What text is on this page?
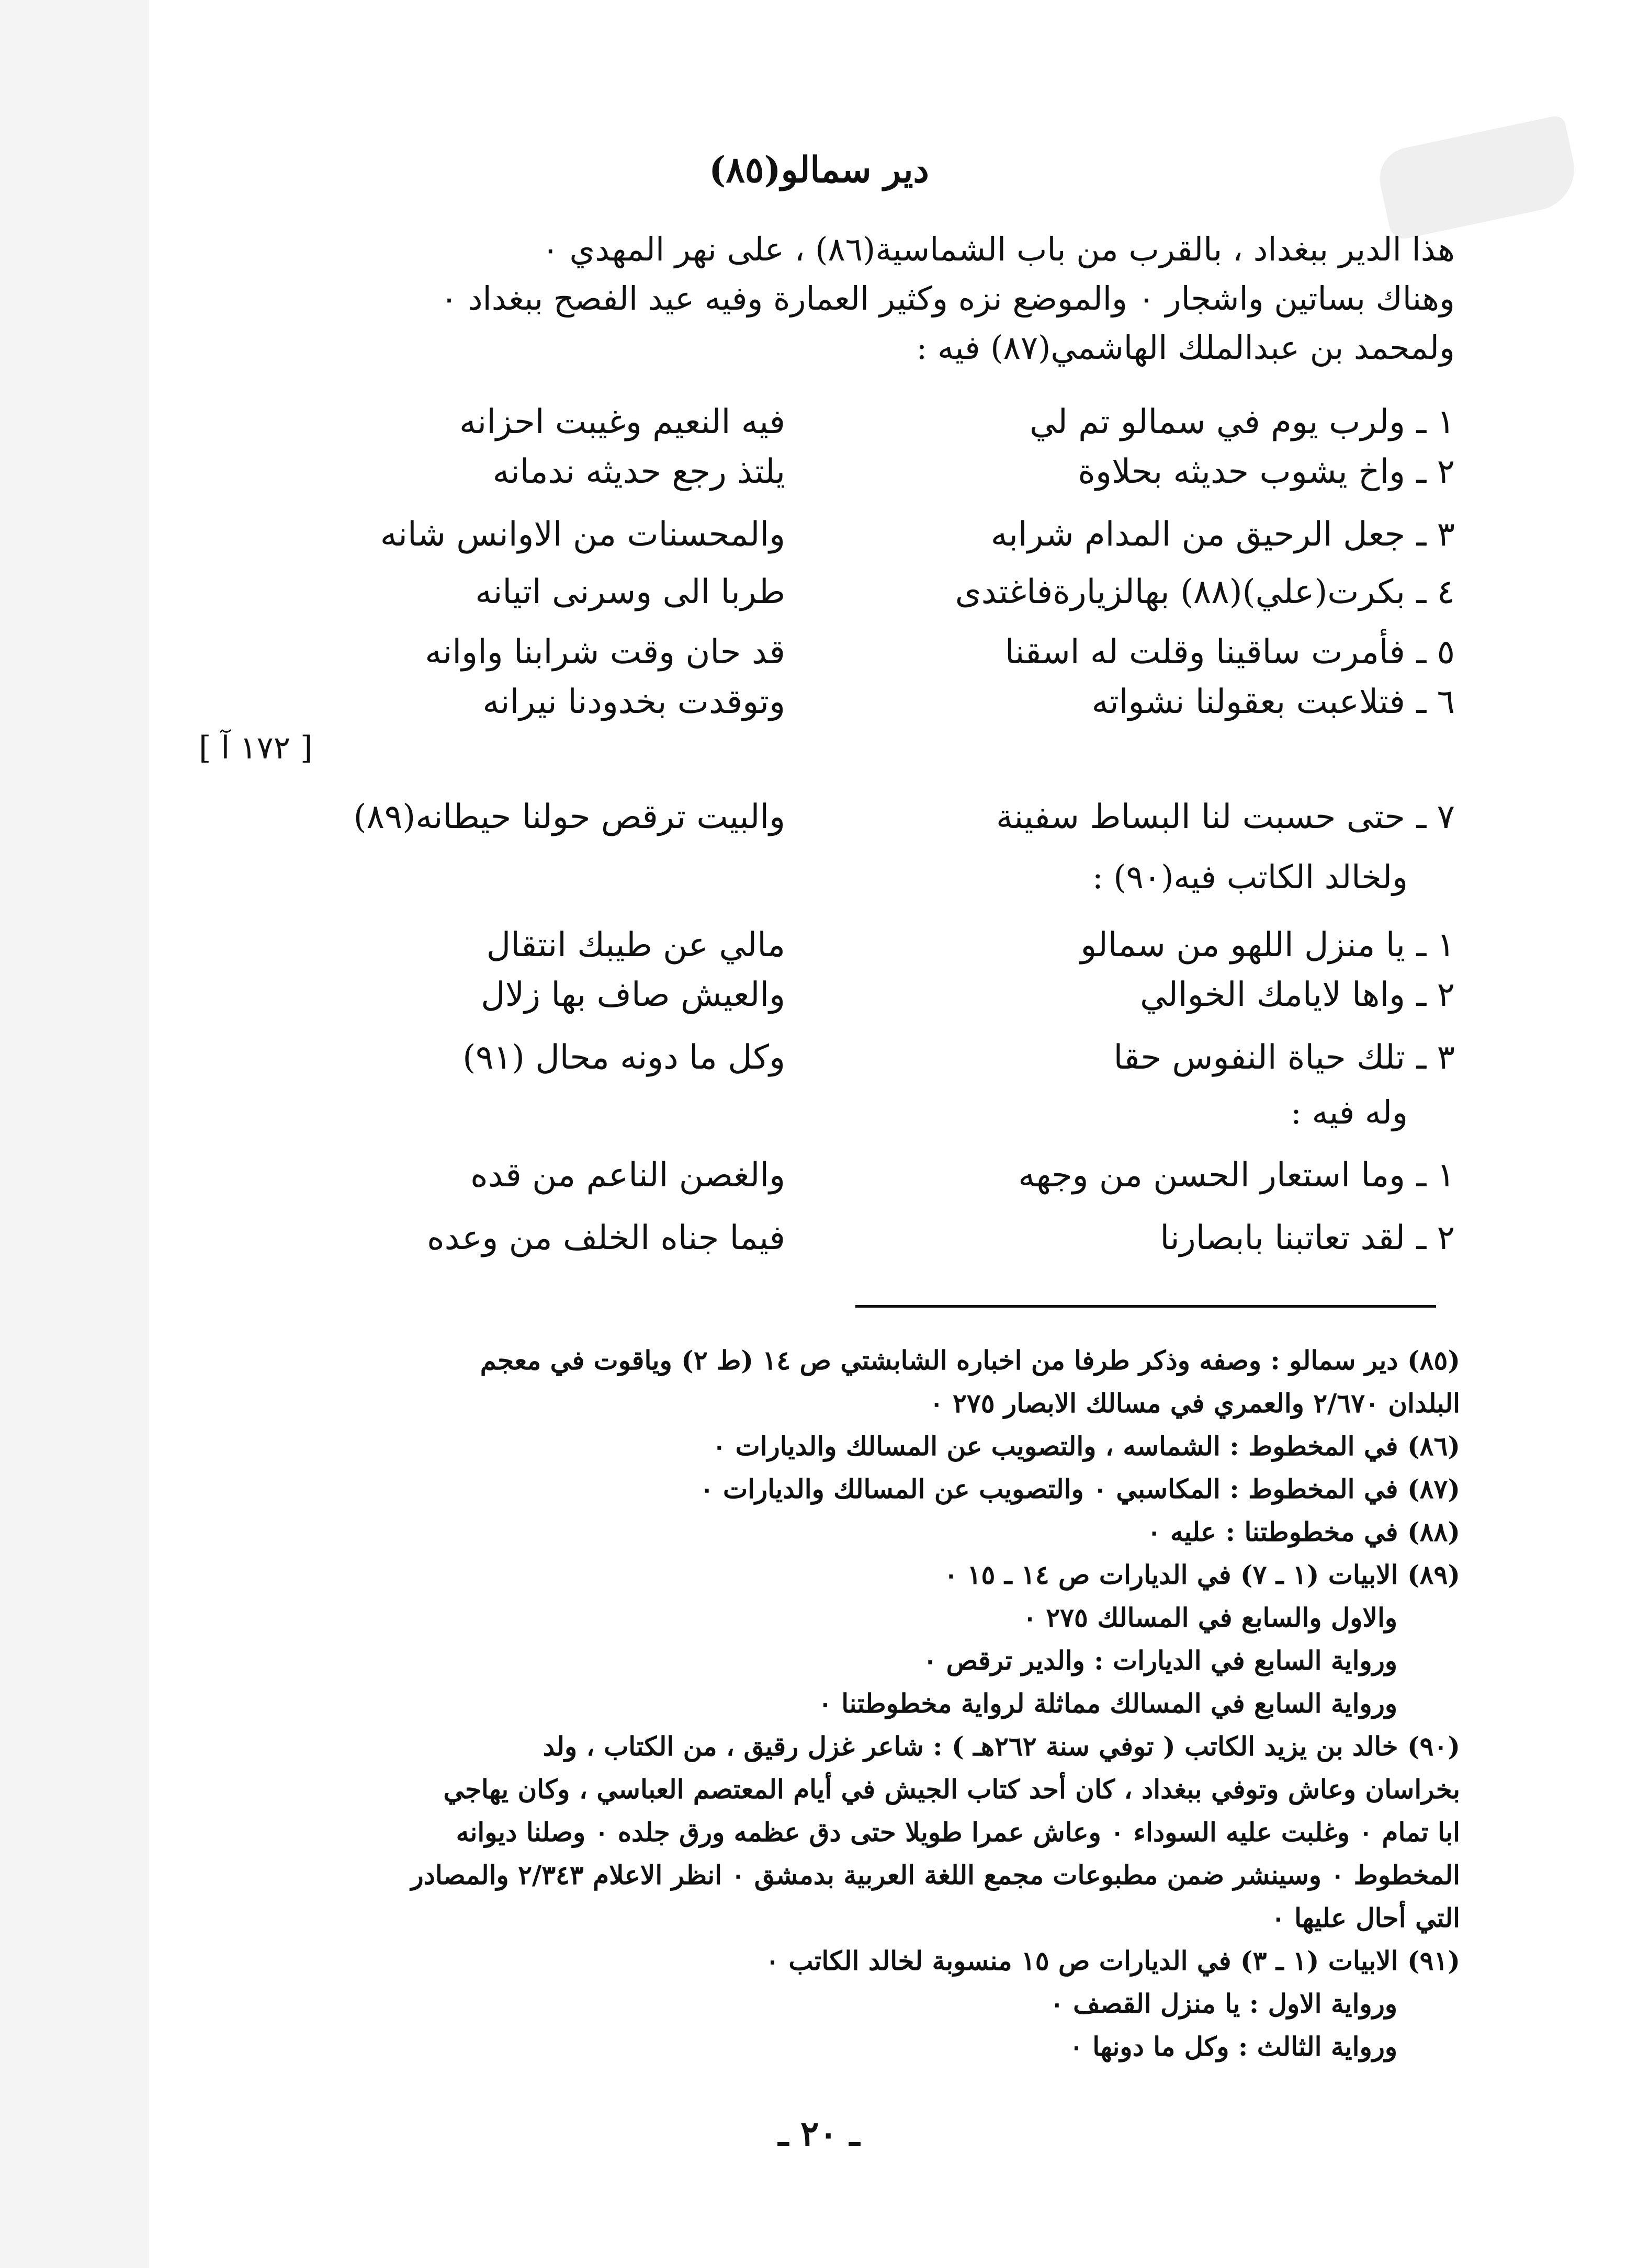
دير سمالو(٨٥)

هذا الدير ببغداد ، بالقرب من باب الشماسية(٨٦) ، على نهر المهدي ٠
وهناك بساتين واشجار ٠ والموضع نزه وكثير العمارة وفيه عيد الفصح ببغداد ٠
ولمحمد بن عبدالملك الهاشمي(٨٧) فيه :

١ ـ
ولرب يوم في سمالو تم لي
فيه النعيم وغيبت احزانه
٢ ـ
واخ يشوب حديثه بحلاوة
يلتذ رجع حديثه ندمانه
٣ ـ
جعل الرحيق من المدام شرابه
والمحسنات من الاوانس شانه
٤ ـ
بكرت(علي)(٨٨) بهالزيارةفاغتدى
طربا الى وسرنى اتيانه
٥ ـ
فأمرت ساقينا وقلت له اسقنا
قد حان وقت شرابنا واوانه
٦ ـ
فتلاعبت بعقولنا نشواته
وتوقدت بخدودنا نيرانه
[ ١٧٢ آ ]
٧ ـ
حتى حسبت لنا البساط سفينة
والبيت ترقص حولنا حيطانه(٨٩)
ولخالد الكاتب فيه(٩٠) :
١ ـ
يا منزل اللهو من سمالو
مالي عن طيبك انتقال
٢ ـ
واها لايامك الخوالي
والعيش صاف بها زلال
٣ ـ
تلك حياة النفوس حقا
وكل ما دونه محال (٩١)
وله فيه :
١ ـ
وما استعار الحسن من وجهه
والغصن الناعم من قده
٢ ـ
لقد تعاتبنا بابصارنا
فيما جناه الخلف من وعده
(٨٥) دير سمالو : وصفه وذكر طرفا من اخباره الشابشتي ص ١٤ (ط ٢) وياقوت في معجم
البلدان ٢/٦٧٠ والعمري في مسالك الابصار ٢٧٥ ٠
(٨٦) في المخطوط : الشماسه ، والتصويب عن المسالك والديارات ٠
(٨٧) في المخطوط : المكاسبي ٠ والتصويب عن المسالك والديارات ٠
(٨٨) في مخطوطتنا : عليه ٠
(٨٩) الابيات (١ ـ ٧) في الديارات ص ١٤ ـ ١٥ ٠
والاول والسابع في المسالك ٢٧٥ ٠
ورواية السابع في الديارات : والدير ترقص ٠
ورواية السابع في المسالك مماثلة لرواية مخطوطتنا ٠
(٩٠) خالد بن يزيد الكاتب ( توفي سنة ٢٦٢هـ ) : شاعر غزل رقيق ، من الكتاب ، ولد
بخراسان وعاش وتوفي ببغداد ، كان أحد كتاب الجيش في أيام المعتصم العباسي ، وكان يهاجي
ابا تمام ٠ وغلبت عليه السوداء ٠ وعاش عمرا طويلا حتى دق عظمه ورق جلده ٠ وصلنا ديوانه
المخطوط ٠ وسينشر ضمن مطبوعات مجمع اللغة العربية بدمشق ٠ انظر الاعلام ٢/٣٤٣ والمصادر
التي أحال عليها ٠
(٩١) الابيات (١ ـ ٣) في الديارات ص ١٥ منسوبة لخالد الكاتب ٠
ورواية الاول : يا منزل القصف ٠
ورواية الثالث : وكل ما دونها ٠
ـ ٢٠ ـ
